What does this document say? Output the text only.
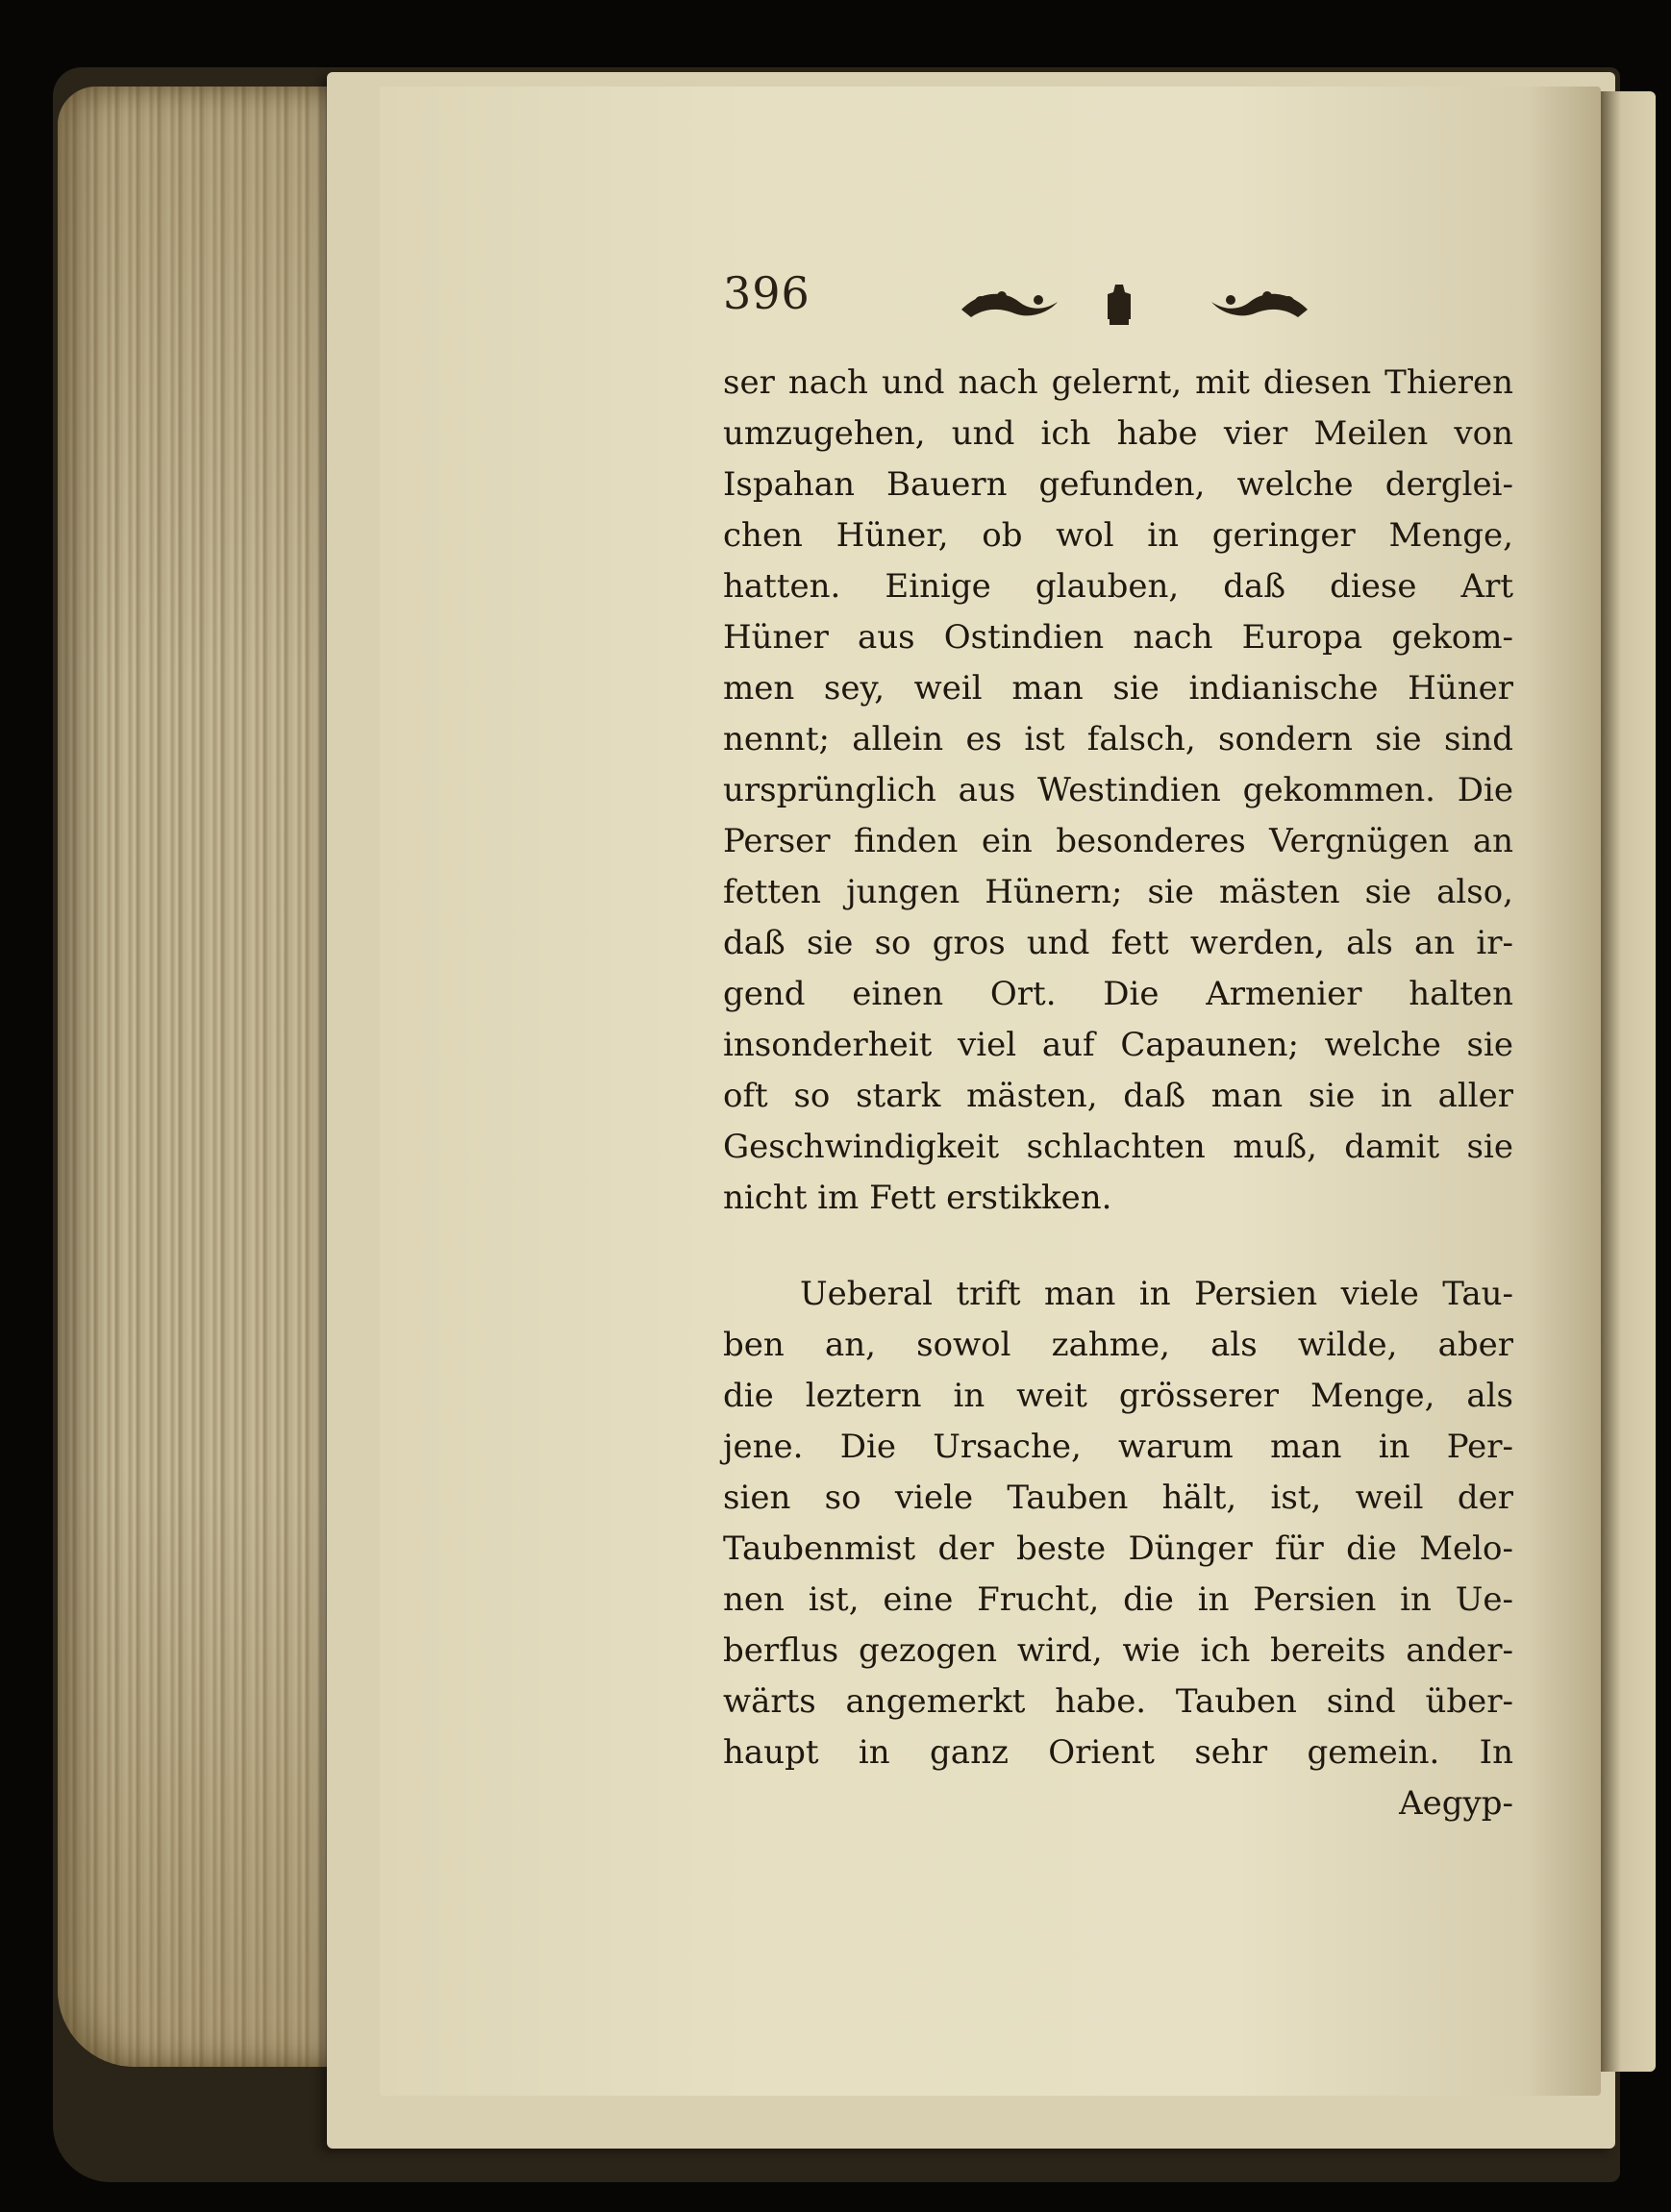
396
ser nach und nach gelernt, mit diesen Thieren
umzugehen, und ich habe vier Meilen von
Ispahan Bauern gefunden, welche derglei-
chen Hüner, ob wol in geringer Menge,
hatten. Einige glauben, daß diese Art
Hüner aus Ostindien nach Europa gekom-
men sey, weil man sie indianische Hüner
nennt; allein es ist falsch, sondern sie sind
ursprünglich aus Westindien gekommen. Die
Perser finden ein besonderes Vergnügen an
fetten jungen Hünern; sie mästen sie also,
daß sie so gros und fett werden, als an ir-
gend einen Ort. Die Armenier halten
insonderheit viel auf Capaunen; welche sie
oft so stark mästen, daß man sie in aller
Geschwindigkeit schlachten muß, damit sie
nicht im Fett erstikken.
Ueberal trift man in Persien viele Tau-
ben an, sowol zahme, als wilde, aber
die leztern in weit grösserer Menge, als
jene. Die Ursache, warum man in Per-
sien so viele Tauben hält, ist, weil der
Taubenmist der beste Dünger für die Melo-
nen ist, eine Frucht, die in Persien in Ue-
berflus gezogen wird, wie ich bereits ander-
wärts angemerkt habe. Tauben sind über-
haupt in ganz Orient sehr gemein. In
Aegyp-
